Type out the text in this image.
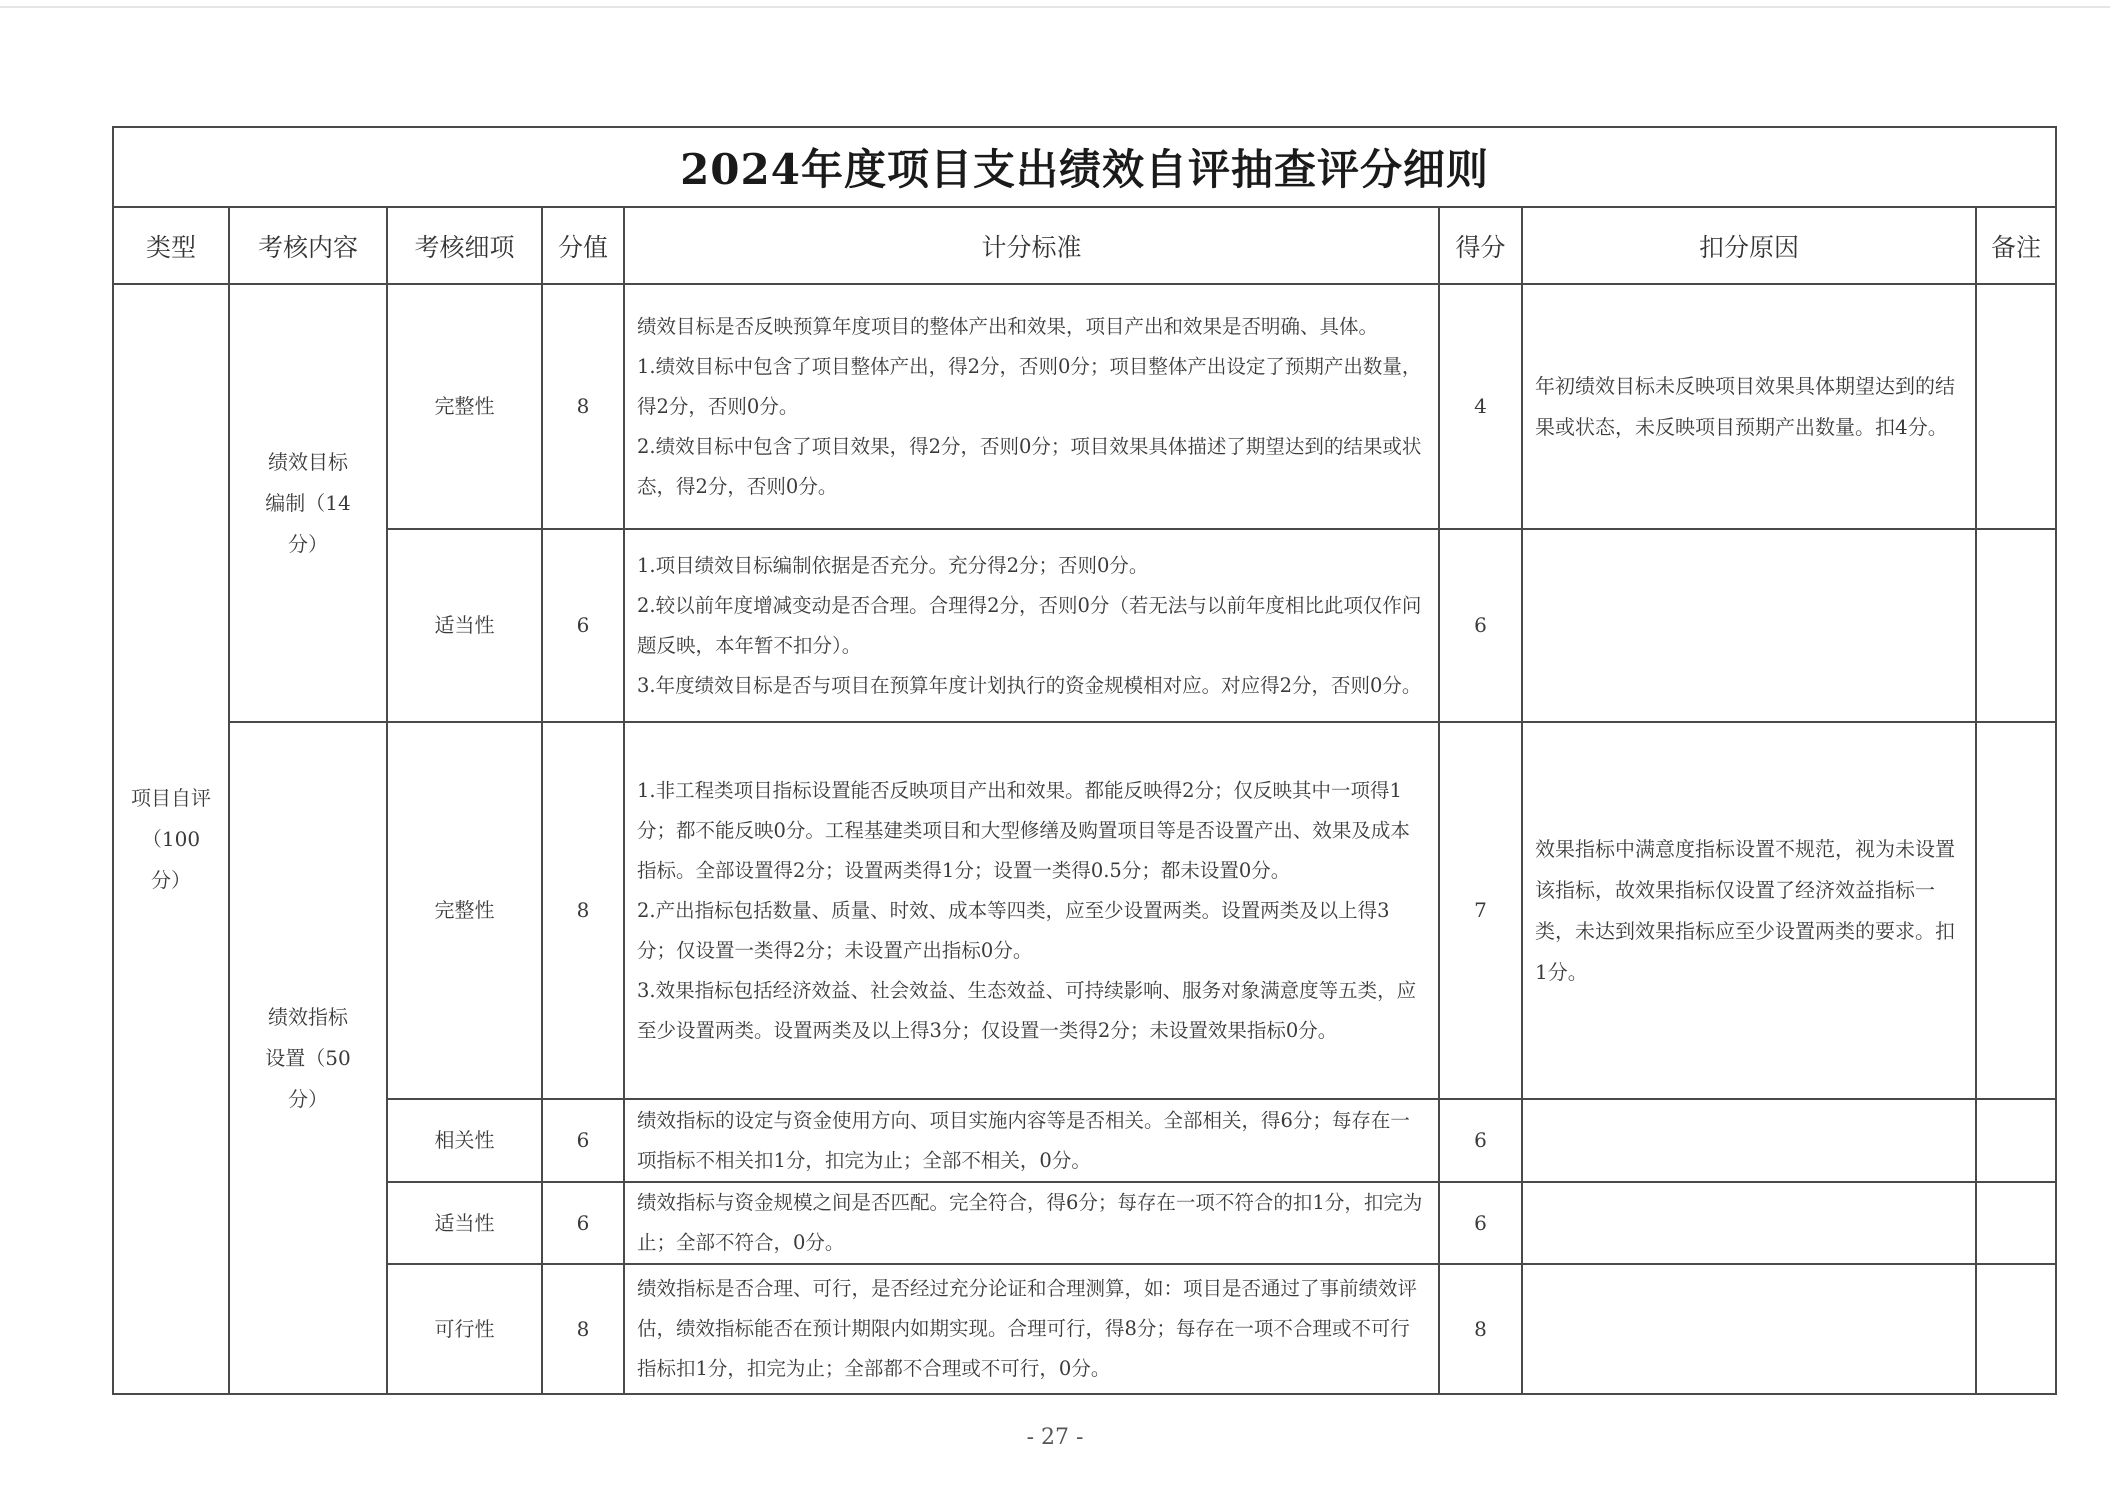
2024年度项目支出绩效自评抽查评分细则							
类型	考核内容	考核细项	分值	计分标准	得分	扣分原因	备注

项目自评（100分）	绩效目标编制（14分）	完整性	8	绩效目标是否反映预算年度项目的整体产出和效果，项目产出和效果是否明确、具体。

1.绩效目标中包含了项目整体产出，得2分，否则0分；项目整体产出设定了预期产出数量，得2分，否则0分。

2.绩效目标中包含了项目效果，得2分，否则0分；项目效果具体描述了期望达到的结果或状态，得2分，否则0分。	4	年初绩效目标未反映项目效果具体期望达到的结果或状态，未反映项目预期产出数量。扣4分。	
		适当性	6	1.项目绩效目标编制依据是否充分。充分得2分；否则0分。

2.较以前年度增减变动是否合理。合理得2分，否则0分（若无法与以前年度相比此项仅作问题反映，本年暂不扣分）。

3.年度绩效目标是否与项目在预算年度计划执行的资金规模相对应。对应得2分，否则0分。	6		

	绩效指标设置（50分）	完整性	8	1.非工程类项目指标设置能否反映项目产出和效果。都能反映得2分；仅反映其中一项得1分；都不能反映0分。工程基建类项目和大型修缮及购置项目等是否设置产出、效果及成本指标。全部设置得2分；设置两类得1分；设置一类得0.5分；都未设置0分。

2.产出指标包括数量、质量、时效、成本等四类，应至少设置两类。设置两类及以上得3分；仅设置一类得2分；未设置产出指标0分。

3.效果指标包括经济效益、社会效益、生态效益、可持续影响、服务对象满意度等五类，应至少设置两类。设置两类及以上得3分；仅设置一类得2分；未设置效果指标0分。	7	效果指标中满意度指标设置不规范，视为未设置该指标，故效果指标仅设置了经济效益指标一类，未达到效果指标应至少设置两类的要求。扣1分。	
		相关性	6	绩效指标的设定与资金使用方向、项目实施内容等是否相关。全部相关，得6分；每存在一项指标不相关扣1分，扣完为止；全部不相关，0分。	6		
		适当性	6	绩效指标与资金规模之间是否匹配。完全符合，得6分；每存在一项不符合的扣1分，扣完为止；全部不符合，0分。	6		
		可行性	8	绩效指标是否合理、可行，是否经过充分论证和合理测算，如：项目是否通过了事前绩效评估，绩效指标能否在预计期限内如期实现。合理可行，得8分；每存在一项不合理或不可行指标扣1分，扣完为止；全部都不合理或不可行，0分。	8		
- 27 -
